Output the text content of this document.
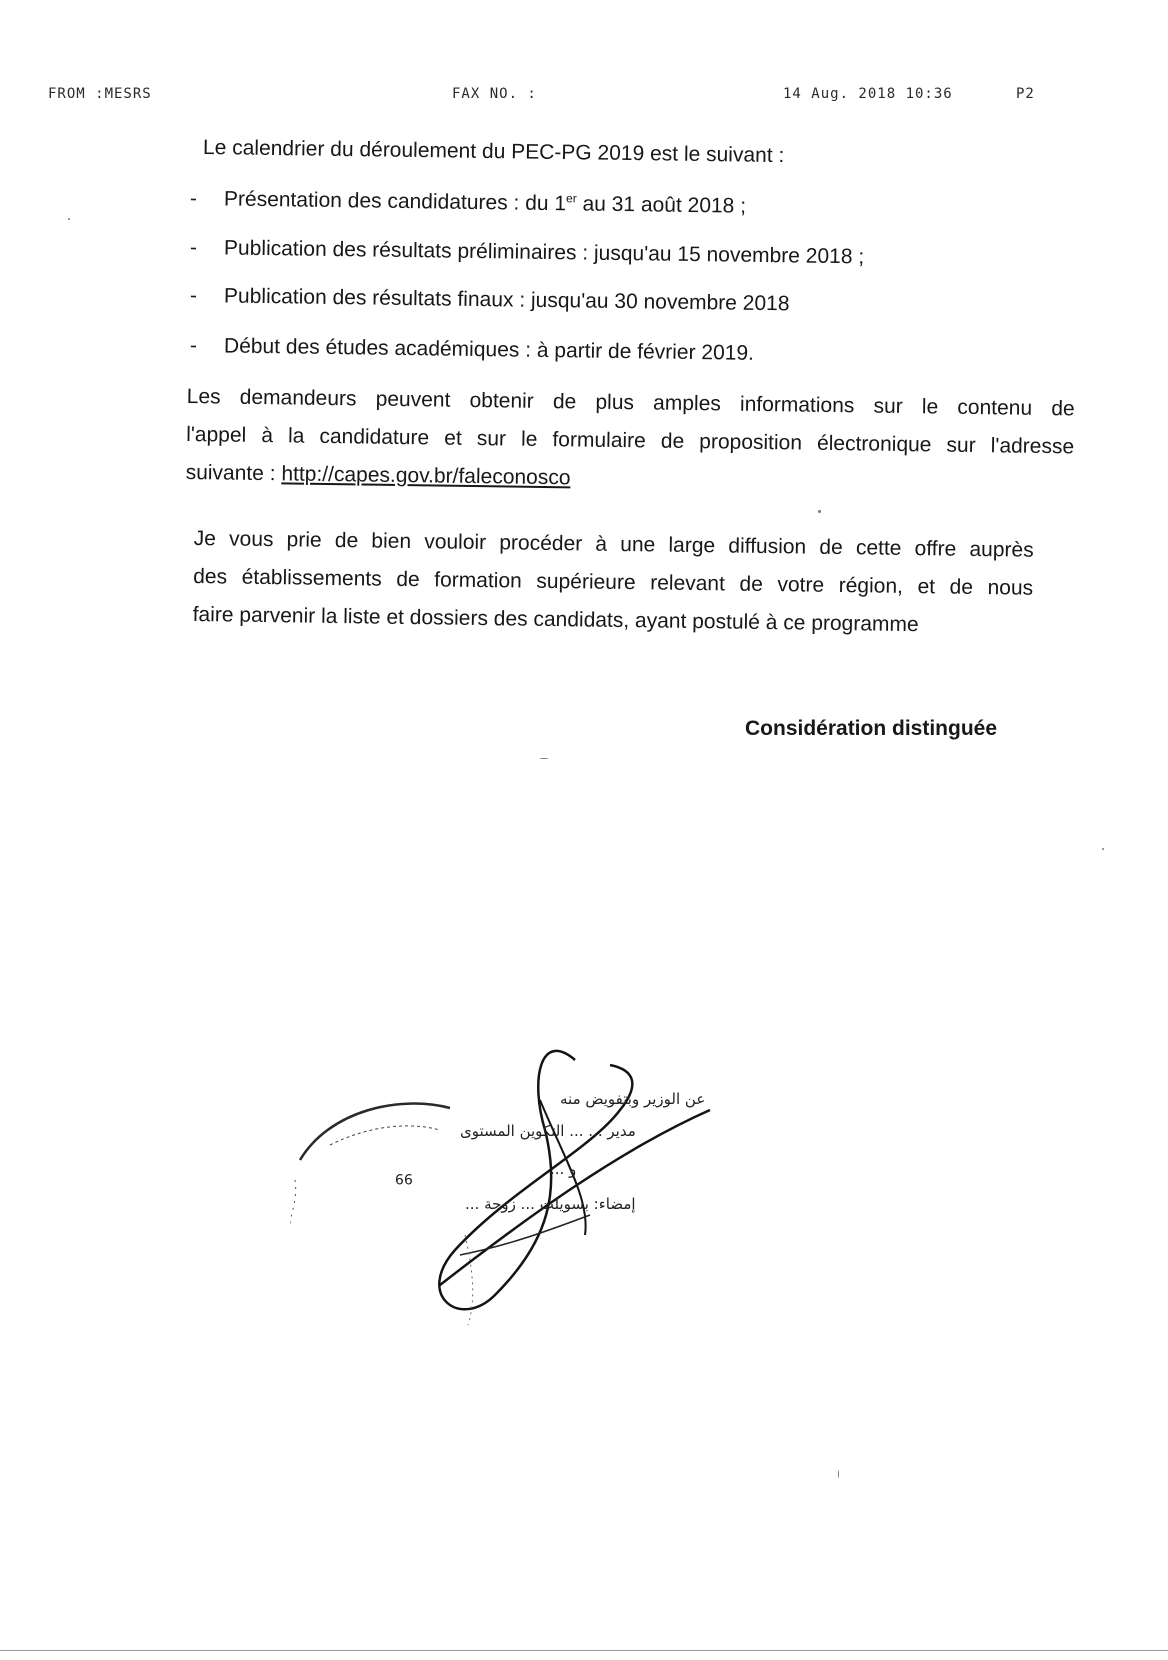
FROM :MESRS	FAX NO. :	14 Aug. 2018 10:36	P2
Le calendrier du déroulement du PEC-PG 2019 est le suivant :
- Présentation des candidatures : du 1er au 31 août 2018 ;
- Publication des résultats préliminaires : jusqu'au 15 novembre 2018 ;
- Publication des résultats finaux : jusqu'au 30 novembre 2018
- Début des études académiques : à partir de février 2019.
Les demandeurs peuvent obtenir de plus amples informations sur le contenu de
l'appel à la candidature et sur le formulaire de proposition électronique sur l'adresse
suivante : http://capes.gov.br/faleconosco
Je vous prie de bien vouloir procéder à une large diffusion de cette offre auprès
des établissements de formation supérieure relevant de votre région, et de nous
faire parvenir la liste et dossiers des candidats, ayant postulé à ce programme
Considération distinguée
عن الوزير وبتفويض منه
مدير ... ... التكوين المستوى
و ...
إمضاء: بسويلت ... زوجة ...
99
